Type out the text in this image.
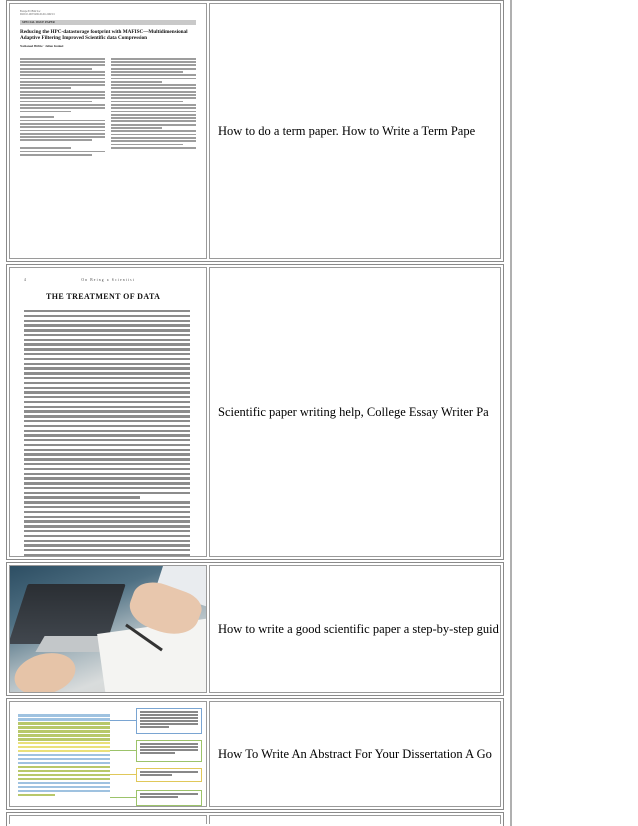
Europe Ec Bim Soc
DOI 10.1007/s00145-011-9023-5
SPECIAL ISSUE PAPER
Reducing the HPC-datastorage footprint with MAFISC—Multidimensional Adaptive Filtering Improved Scientific data Compression
Nathanael Hübbe · Julian Kunkel
How to do a term paper. How to Write a Term Pape
4	On Being a Scientist
THE TREATMENT OF DATA
Scientific paper writing help, College Essay Writer Pa
How to write a good scientific paper a step-by-step guid
How To Write An Abstract For Your Dissertation A Go
